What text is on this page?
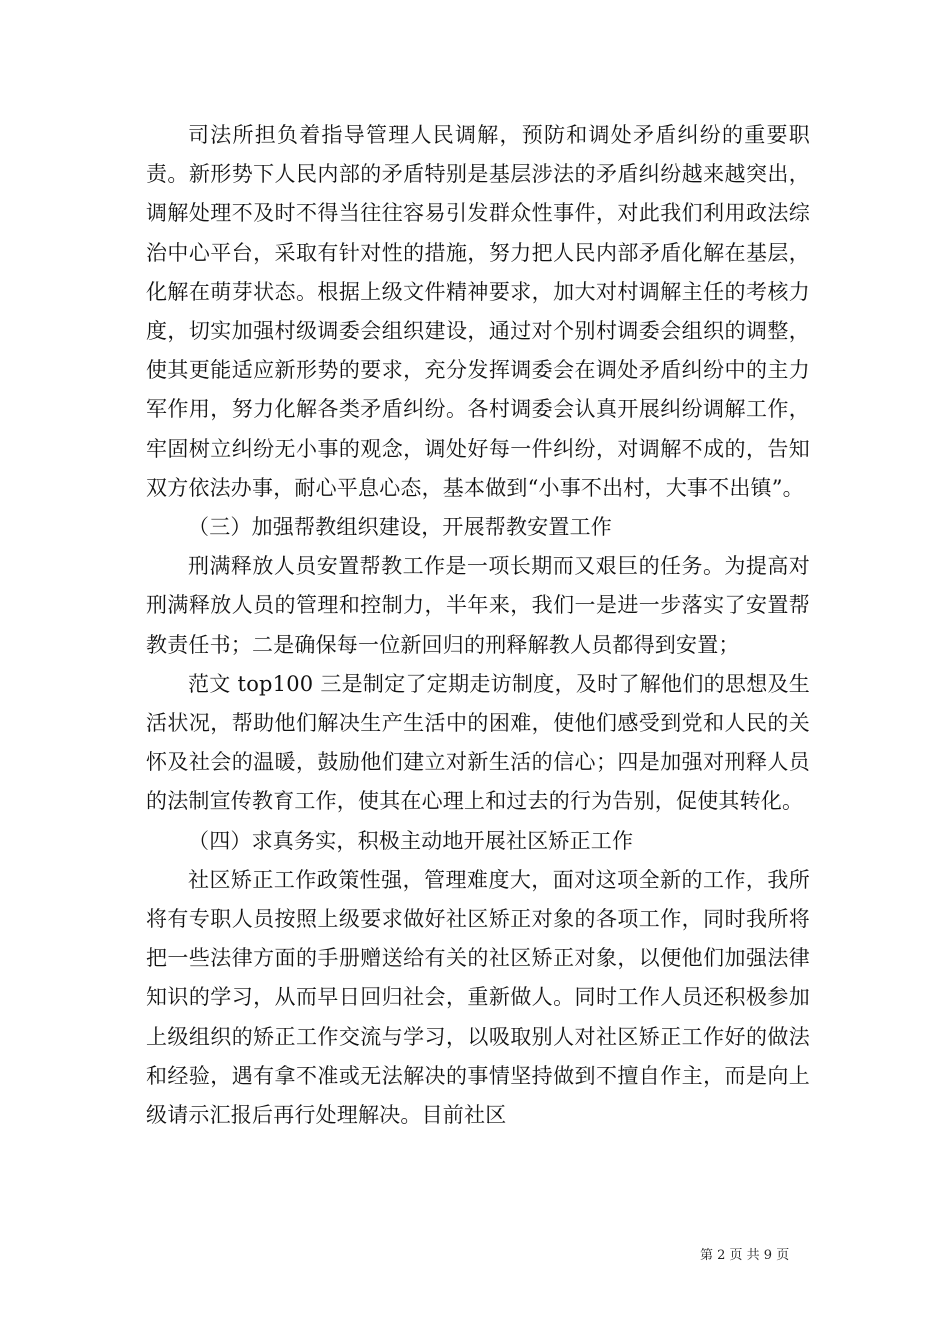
司法所担负着指导管理人民调解，预防和调处矛盾纠纷的重要职责。新形势下人民内部的矛盾特别是基层涉法的矛盾纠纷越来越突出，调解处理不及时不得当往往容易引发群众性事件，对此我们利用政法综治中心平台，采取有针对性的措施，努力把人民内部矛盾化解在基层，化解在萌芽状态。根据上级文件精神要求，加大对村调解主任的考核力度，切实加强村级调委会组织建设，通过对个别村调委会组织的调整，使其更能适应新形势的要求，充分发挥调委会在调处矛盾纠纷中的主力军作用，努力化解各类矛盾纠纷。各村调委会认真开展纠纷调解工作，牢固树立纠纷无小事的观念，调处好每一件纠纷，对调解不成的，告知双方依法办事，耐心平息心态，基本做到“小事不出村，大事不出镇”。

（三）加强帮教组织建设，开展帮教安置工作

刑满释放人员安置帮教工作是一项长期而又艰巨的任务。为提高对刑满释放人员的管理和控制力，半年来，我们一是进一步落实了安置帮教责任书；二是确保每一位新回归的刑释解教人员都得到安置；

范文 top100 三是制定了定期走访制度，及时了解他们的思想及生活状况，帮助他们解决生产生活中的困难，使他们感受到党和人民的关怀及社会的温暖，鼓励他们建立对新生活的信心；四是加强对刑释人员的法制宣传教育工作，使其在心理上和过去的行为告别，促使其转化。

（四）求真务实，积极主动地开展社区矫正工作

社区矫正工作政策性强，管理难度大，面对这项全新的工作，我所将有专职人员按照上级要求做好社区矫正对象的各项工作，同时我所将把一些法律方面的手册赠送给有关的社区矫正对象，以便他们加强法律知识的学习，从而早日回归社会，重新做人。同时工作人员还积极参加上级组织的矫正工作交流与学习，以吸取别人对社区矫正工作好的做法和经验，遇有拿不准或无法解决的事情坚持做到不擅自作主，而是向上级请示汇报后再行处理解决。目前社区

第 2 页 共 9 页
